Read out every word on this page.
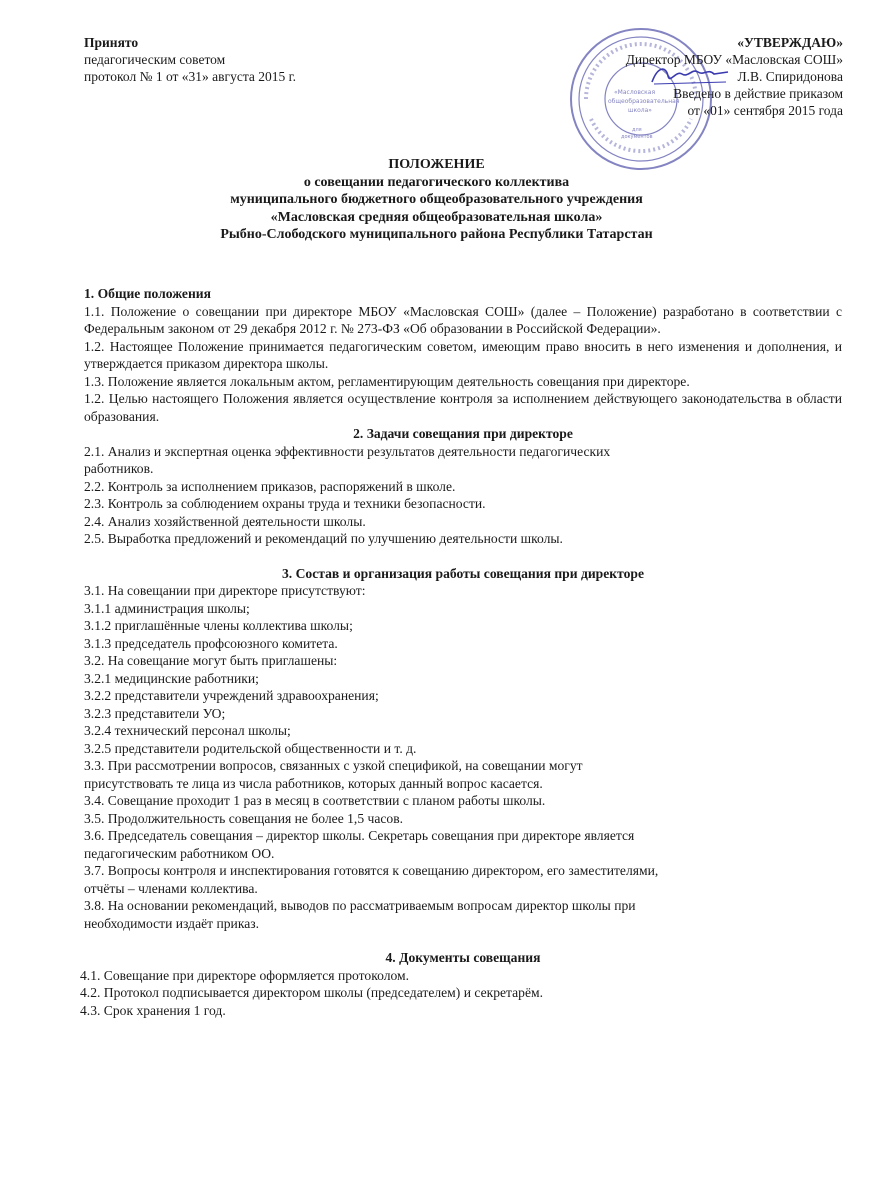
Принято
педагогическим советом
протокол № 1 от «31» августа 2015 г.
«Масловская
общеобразовательная
школа»
для
документов
«УТВЕРЖДАЮ»
Директор МБОУ «Масловская СОШ»
Л.В. Спиридонова
Введено в действие приказом
от «01» сентября 2015 года
ПОЛОЖЕНИЕ
о совещании педагогического коллектива
муниципального бюджетного общеобразовательного учреждения
«Масловская средняя общеобразовательная школа»
Рыбно-Слободского муниципального района Республики Татарстан

1. Общие положения

1.1. Положение о совещании при директоре МБОУ «Масловская СОШ» (далее – Положение) разработано в соответствии с Федеральным законом от 29 декабря 2012 г. № 273-ФЗ «Об образовании в Российской Федерации».

1.2. Настоящее Положение принимается педагогическим советом, имеющим право вносить в него изменения и дополнения, и утверждается приказом директора школы.

1.3. Положение является локальным актом, регламентирующим деятельность совещания при директоре.

1.2. Целью настоящего Положения является осуществление контроля за исполнением действующего законодательства в области образования.

2. Задачи совещания при директоре

2.1. Анализ и экспертная оценка эффективности результатов деятельности педагогических

работников.

2.2. Контроль за исполнением приказов, распоряжений в школе.

2.3. Контроль за соблюдением охраны труда и техники безопасности.

2.4. Анализ хозяйственной деятельности школы.

2.5. Выработка предложений и рекомендаций по улучшению деятельности школы.

3. Состав и организация работы совещания при директоре

3.1. На совещании при директоре присутствуют:

3.1.1 администрация школы;

3.1.2 приглашённые члены коллектива школы;

3.1.3 председатель профсоюзного комитета.

3.2. На совещание могут быть приглашены:

3.2.1 медицинские работники;

3.2.2 представители учреждений здравоохранения;

3.2.3 представители УО;

3.2.4 технический персонал школы;

3.2.5 представители родительской общественности и т. д.

3.3. При рассмотрении вопросов, связанных с узкой спецификой, на совещании могут

присутствовать те лица из числа работников, которых данный вопрос касается.

3.4. Совещание проходит 1 раз в месяц в соответствии с планом работы школы.

3.5. Продолжительность совещания не более 1,5 часов.

3.6. Председатель совещания – директор школы. Секретарь совещания при директоре является

педагогическим работником ОО.

3.7. Вопросы контроля и инспектирования готовятся к совещанию директором, его заместителями,

отчёты – членами коллектива.

3.8. На основании рекомендаций, выводов по рассматриваемым вопросам директор школы при

необходимости издаёт приказ.

4. Документы совещания

4.1. Совещание при директоре оформляется протоколом.

4.2. Протокол подписывается директором школы (председателем) и секретарём.

4.3. Срок хранения 1 год.
